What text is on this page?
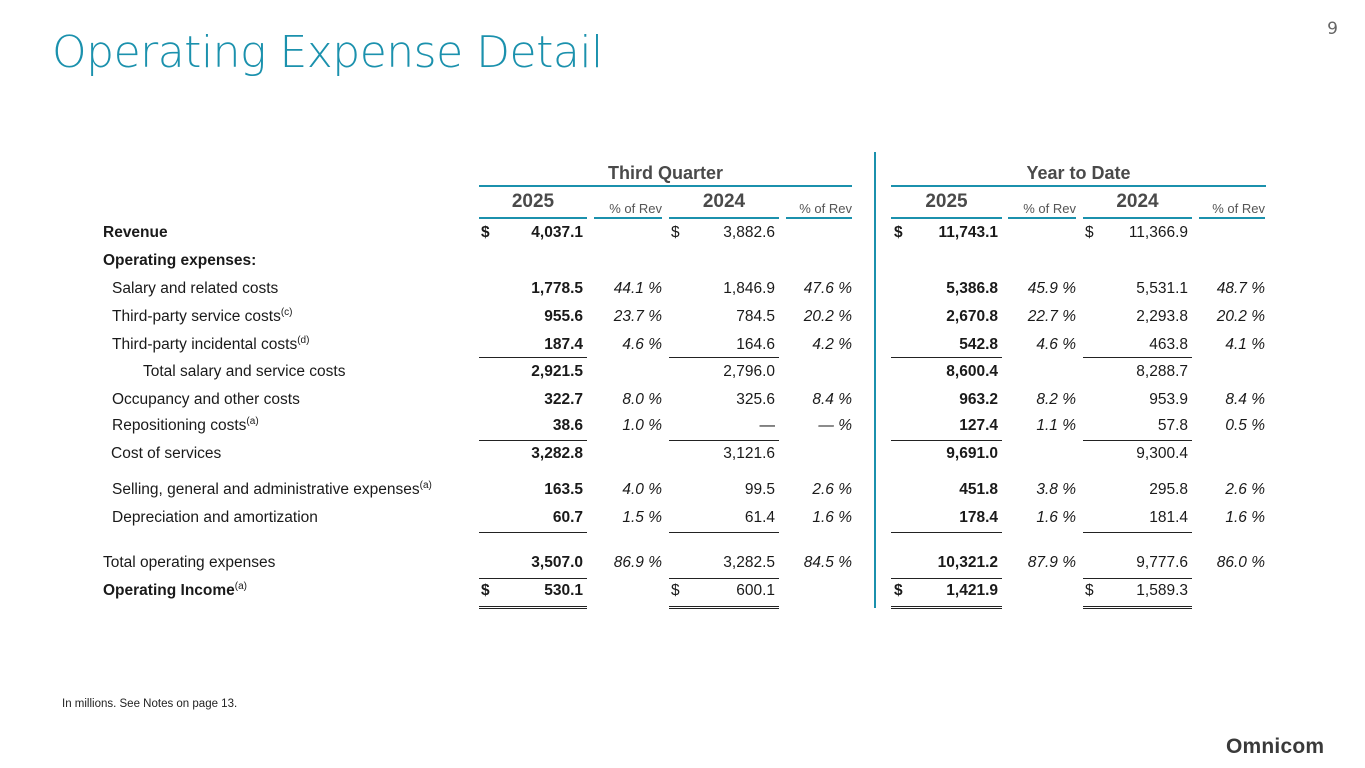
9
Operating Expense Detail
Third Quarter	Year to Date
2025	2024	2025	2024
% of Rev	% of Rev	% of Rev	% of Rev
Revenue	$	4,037.1	$	3,882.6	$	11,743.1	$	11,366.9
Operating expenses:
Salary and related costs	1,778.5	44.1 %	1,846.9	47.6 %	5,386.8	45.9 %	5,531.1	48.7 %
Third-party service costs$^{(c)}$	955.6	23.7 %	784.5	20.2 %	2,670.8	22.7 %	2,293.8	20.2 %
Third-party incidental costs$^{(d)}$	187.4	4.6 %	164.6	4.2 %	542.8	4.6 %	463.8	4.1 %
Total salary and service costs	2,921.5	2,796.0	8,600.4	8,288.7
Occupancy and other costs	322.7	8.0 %	325.6	8.4 %	963.2	8.2 %	953.9	8.4 %
Repositioning costs$^{(a)}$	38.6	1.0 %	—	— %	127.4	1.1 %	57.8	0.5 %
Cost of services	3,282.8	3,121.6	9,691.0	9,300.4
Selling, general and administrative expenses$^{(a)}$	163.5	4.0 %	99.5	2.6 %	451.8	3.8 %	295.8	2.6 %
Depreciation and amortization	60.7	1.5 %	61.4	1.6 %	178.4	1.6 %	181.4	1.6 %
Total operating expenses	3,507.0	86.9 %	3,282.5	84.5 %	10,321.2	87.9 %	9,777.6	86.0 %
Operating Income$^{(a)}$	$	530.1	$	600.1	$	1,421.9	$	1,589.3
In millions. See Notes on page 13.
Omnicom
